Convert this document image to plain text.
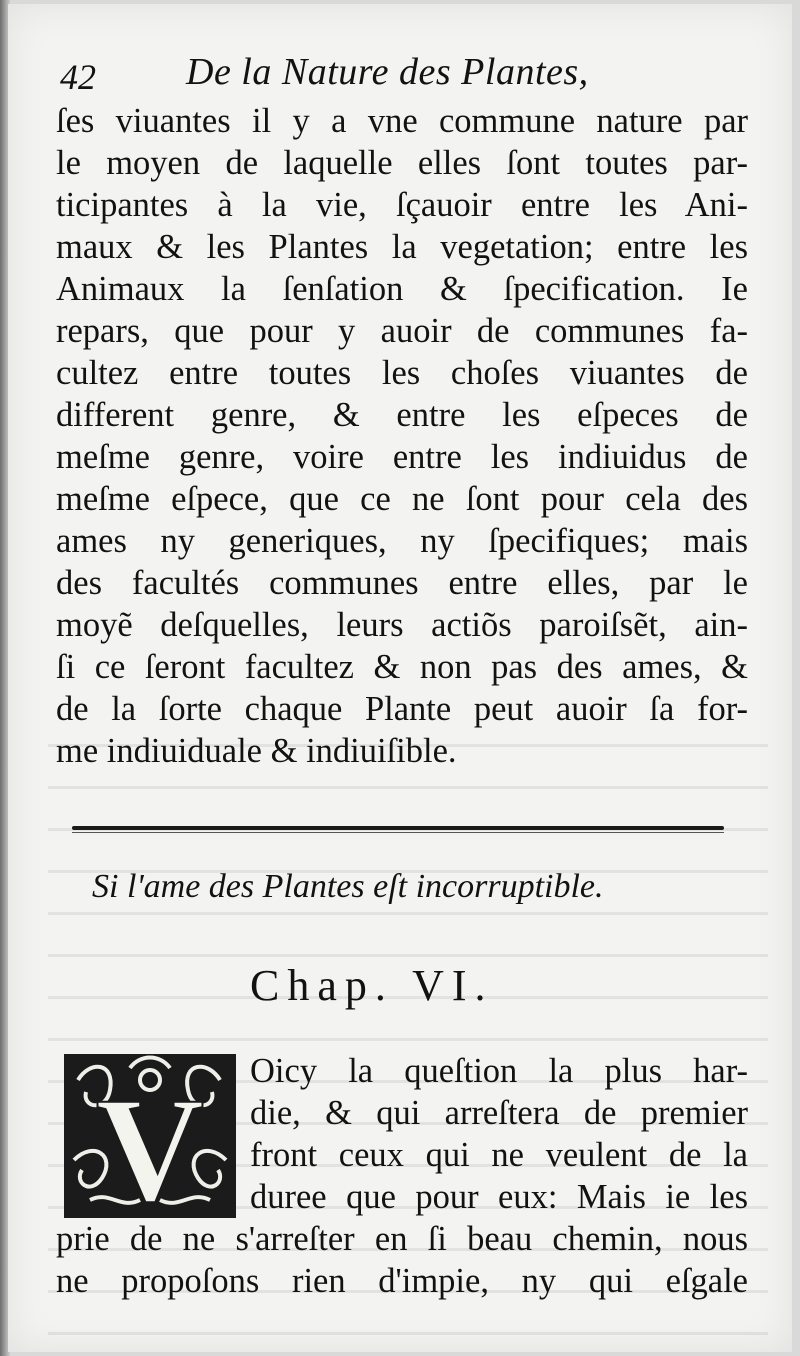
42 De la Nature des Plantes,
ſes viuantes il y a vne commune nature par
le moyen de laquelle elles ſont toutes par-
ticipantes à la vie, ſçauoir entre les Ani-
maux & les Plantes la vegetation; entre les
Animaux la ſenſation & ſpecification. Ie
repars, que pour y auoir de communes fa-
cultez entre toutes les choſes viuantes de
different genre, & entre les eſpeces de
meſme genre, voire entre les indiuidus de
meſme eſpece, que ce ne ſont pour cela des
ames ny generiques, ny ſpecifiques; mais
des facultés communes entre elles, par le
moyẽ deſquelles, leurs actiõs paroiſsẽt, ain-
ſi ce ſeront facultez & non pas des ames, &
de la ſorte chaque Plante peut auoir ſa for-
me indiuiduale & indiuiſible.
Si l'ame des Plantes eſt incorruptible.
Chap. VI.
V Oicy la queſtion la plus har-
die, & qui arreſtera de premier
front ceux qui ne veulent de la
duree que pour eux: Mais ie les
prie de ne s'arreſter en ſi beau chemin, nous
ne propoſons rien d'impie, ny qui eſgale
